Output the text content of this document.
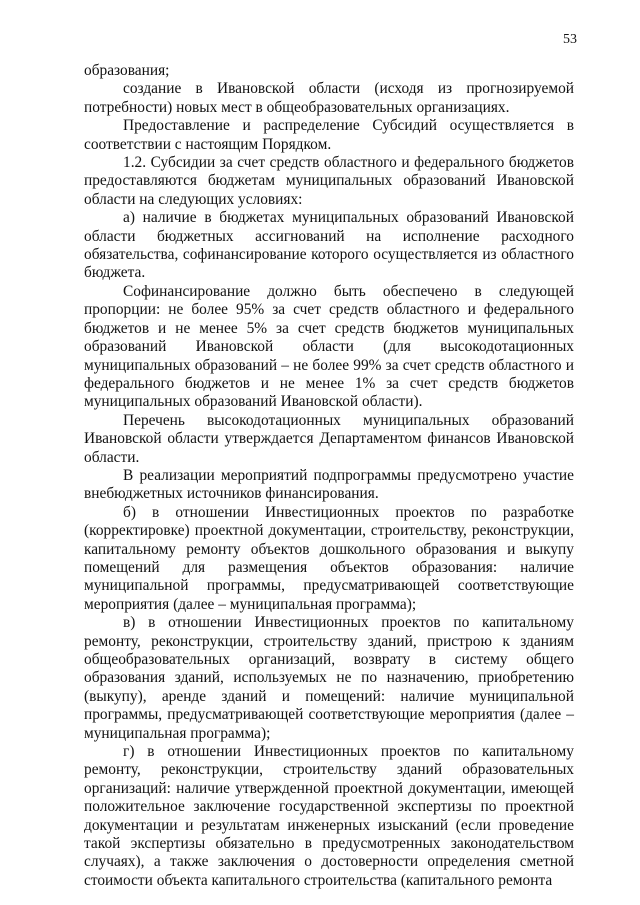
53

образования;

создание в Ивановской области (исходя из прогнозируемой потребности) новых мест в общеобразовательных организациях.

Предоставление и распределение Субсидий осуществляется в соответствии с настоящим Порядком.

1.2. Субсидии за счет средств областного и федерального бюджетов предоставляются бюджетам муниципальных образований Ивановской области на следующих условиях:

а) наличие в бюджетах муниципальных образований Ивановской области бюджетных ассигнований на исполнение расходного обязательства, софинансирование которого осуществляется из областного бюджета.

Софинансирование должно быть обеспечено в следующей пропорции: не более 95% за счет средств областного и федерального бюджетов и не менее 5% за счет средств бюджетов муниципальных образований Ивановской области (для высокодотационных муниципальных образований – не более 99% за счет средств областного и федерального бюджетов и не менее 1% за счет средств бюджетов муниципальных образований Ивановской области).

Перечень высокодотационных муниципальных образований Ивановской области утверждается Департаментом финансов Ивановской области.

В реализации мероприятий подпрограммы предусмотрено участие внебюджетных источников финансирования.

б) в отношении Инвестиционных проектов по разработке (корректировке) проектной документации, строительству, реконструкции, капитальному ремонту объектов дошкольного образования и выкупу помещений для размещения объектов образования: наличие муниципальной программы, предусматривающей соответствующие мероприятия (далее – муниципальная программа);

в) в отношении Инвестиционных проектов по капитальному ремонту, реконструкции, строительству зданий, пристрою к зданиям общеобразовательных организаций, возврату в систему общего образования зданий, используемых не по назначению, приобретению (выкупу), аренде зданий и помещений: наличие муниципальной программы, предусматривающей соответствующие мероприятия (далее – муниципальная программа);

г) в отношении Инвестиционных проектов по капитальному ремонту, реконструкции, строительству зданий образовательных организаций: наличие утвержденной проектной документации, имеющей положительное заключение государственной экспертизы по проектной документации и результатам инженерных изысканий (если проведение такой экспертизы обязательно в предусмотренных законодательством случаях), а также заключения о достоверности определения сметной стоимости объекта капитального строительства (капитального ремонта
